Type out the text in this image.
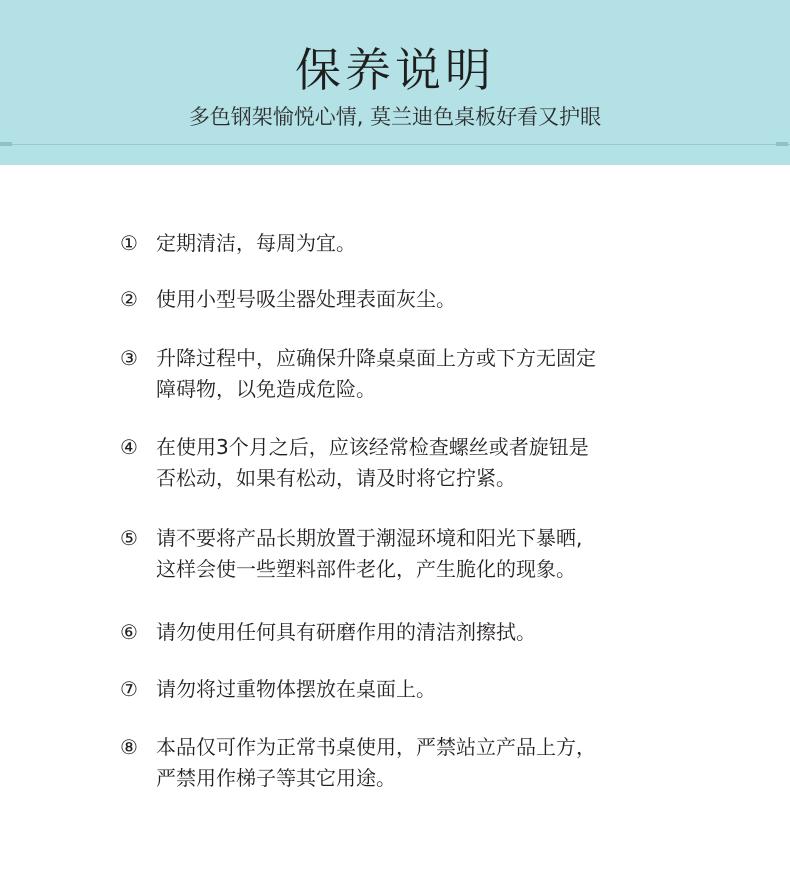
保养说明
多色钢架愉悦心情, 莫兰迪色桌板好看又护眼
① 定期清洁，每周为宜。
② 使用小型号吸尘器处理表面灰尘。
③ 升降过程中，应确保升降桌桌面上方或下方无固定
障碍物，以免造成危险。
④ 在使用3个月之后，应该经常检查螺丝或者旋钮是
否松动，如果有松动，请及时将它拧紧。
⑤ 请不要将产品长期放置于潮湿环境和阳光下暴晒,
这样会使一些塑料部件老化，产生脆化的现象。
⑥ 请勿使用任何具有研磨作用的清洁剂擦拭。
⑦ 请勿将过重物体摆放在桌面上。
⑧ 本品仅可作为正常书桌使用，严禁站立产品上方，
严禁用作梯子等其它用途。
